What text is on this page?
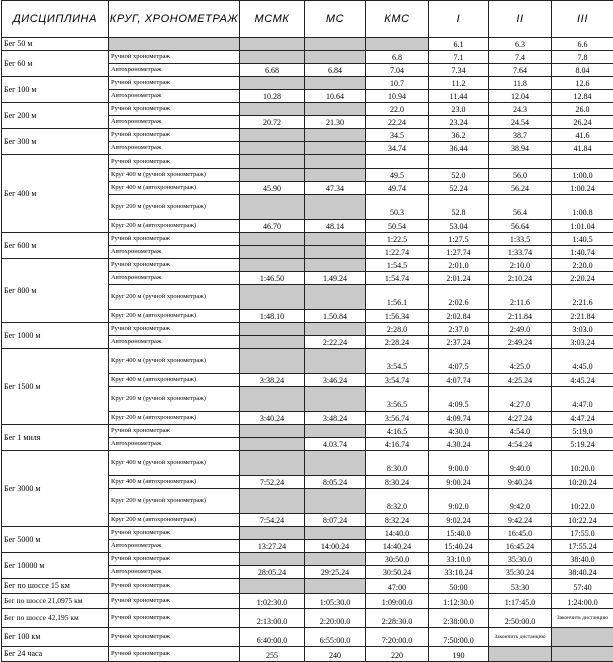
ДИСЦИПЛИНА	КРУГ, ХРОНОМЕТРАЖ	МСМК	МС	КМС	I	II	III
Бег 50 м					6.1	6.3	6.6
Бег 60 м	Ручной хронометраж			6.8	7.1	7.4	7.8
	Автохронометраж	6.68	6.84	7.04	7.34	7.64	8.04
Бег 100 м	Ручной хронометраж			10.7	11.2	11.8	12.6
	Автохронометраж	10.28	10.64	10.94	11.44	12.04	12.84
Бег 200 м	Ручной хронометраж			22.0	23.0	24.3	26.0
	Автохронометраж	20.72	21.30	22.24	23.24	24.54	26.24
Бег 300 м	Ручной хронометраж			34.5	36.2	38.7	41.6
	Автохронометраж			34.74	36.44	38.94	41.84
Бег 400 м	Ручной хронометраж						
	Круг 400 м (ручной хронометраж)			49.5	52.0	56.0	1:00.0
	Круг 400 м (автохронометраж)	45.90	47.34	49.74	52.24	56.24	1:00.24
	Круг 200 м (ручной хронометраж)			50.3	52.8	56.4	1:00.8
	Круг 200 м (автохронометраж)	46.70	48.14	50.54	53.04	56.64	1:01.04
Бег 600 м	Ручной хронометраж			1:22.5	1:27.5	1:33.5	1:40.5
	Автохронометраж			1:22.74	1:27.74	1:33.74	1:40.74
Бег 800 м	Ручной хронометраж			1:54.5	2:01.0	2:10.0	2:20.0
	Автохронометраж	1:46.50	1.49.24	1:54.74	2:01.24	2:10.24	2:20.24
	Круг 200 м (ручной хронометраж)			1:56.1	2:02.6	2:11.6	2:21.6
	Круг 200 м (автохронометраж)	1:48.10	1.50.84	1:56.34	2:02.84	2:11.84	2:21.84
Бег 1000 м	Ручной хронометраж			2:28.0	2:37.0	2:49.0	3:03.0
	Автохронометраж		2:22.24	2:28.24	2:37.24	2:49.24	3:03.24
Бег 1500 м	Круг 400 м (ручной хронометраж)			3:54.5	4:07.5	4:25.0	4:45.0
	Круг 400 м (автохронометраж)	3:38.24	3:46.24	3:54.74	4:07.74	4:25.24	4:45.24
	Круг 200 м (ручной хронометраж)			3:56.5	4:09.5	4:27.0	4:47.0
	Круг 200 м (автохронометраж)	3:40.24	3:48.24	3:56.74	4:09.74	4:27.24	4:47.24
Бег 1 миля	Ручной хронометраж			4:16.5	4:30.0	4:54.0	5:19.0
	Автохронометраж		4.03.74	4:16.74	4.30.24	4:54.24	5:19.24
Бег 3000 м	Круг 400 м (ручной хронометраж)			8:30.0	9:00.0	9:40.0	10:20.0
	Круг 400 м (автохронометраж)	7:52.24	8:05.24	8:30.24	9:00.24	9:40.24	10:20.24
	Круг 200 м (ручной хронометраж)			8:32.0	9:02.0	9:42.0	10:22.0
	Круг 200 м (автохронометраж)	7:54.24	8:07.24	8:32.24	9:02.24	9:42.24	10:22.24
Бег 5000 м	Ручной хронометраж			14:40.0	15:40.0	16:45.0	17:55.0
	Автохронометраж	13:27.24	14:00.24	14:40.24	15:40.24	16:45.24	17:55.24
Бег 10000 м	Ручной хронометраж			30:50.0	33:10.0	35:30.0	38:40.0
	Автохронометраж	28:05.24	29:25.24	30:50.24	33:10.24	35:30.24	38:40.24
Бег по шоссе 15 км	Ручной хронометраж			47:00	50:00	53:30	57:40
Бег по шоссе 21,0975 км	Ручной хронометраж	1:02:30.0	1:05:30.0	1:09:00.0	1:12:30.0	1:17:45.0	1:24:00.0
Бег по шоссе 42,195 км	Ручной хронометраж	2:13:00.0	2:20:00.0	2:28:30.0	2:38:00.0	2:50:00.0	Закончить дистанцию
Бег 100 км	Ручной хронометраж	6:40:00.0	6:55:00.0	7:20:00.0	7:50:00.0	Закончить дистанцию	
Бег 24 часа	Ручной хронометраж	255	240	220	190		
